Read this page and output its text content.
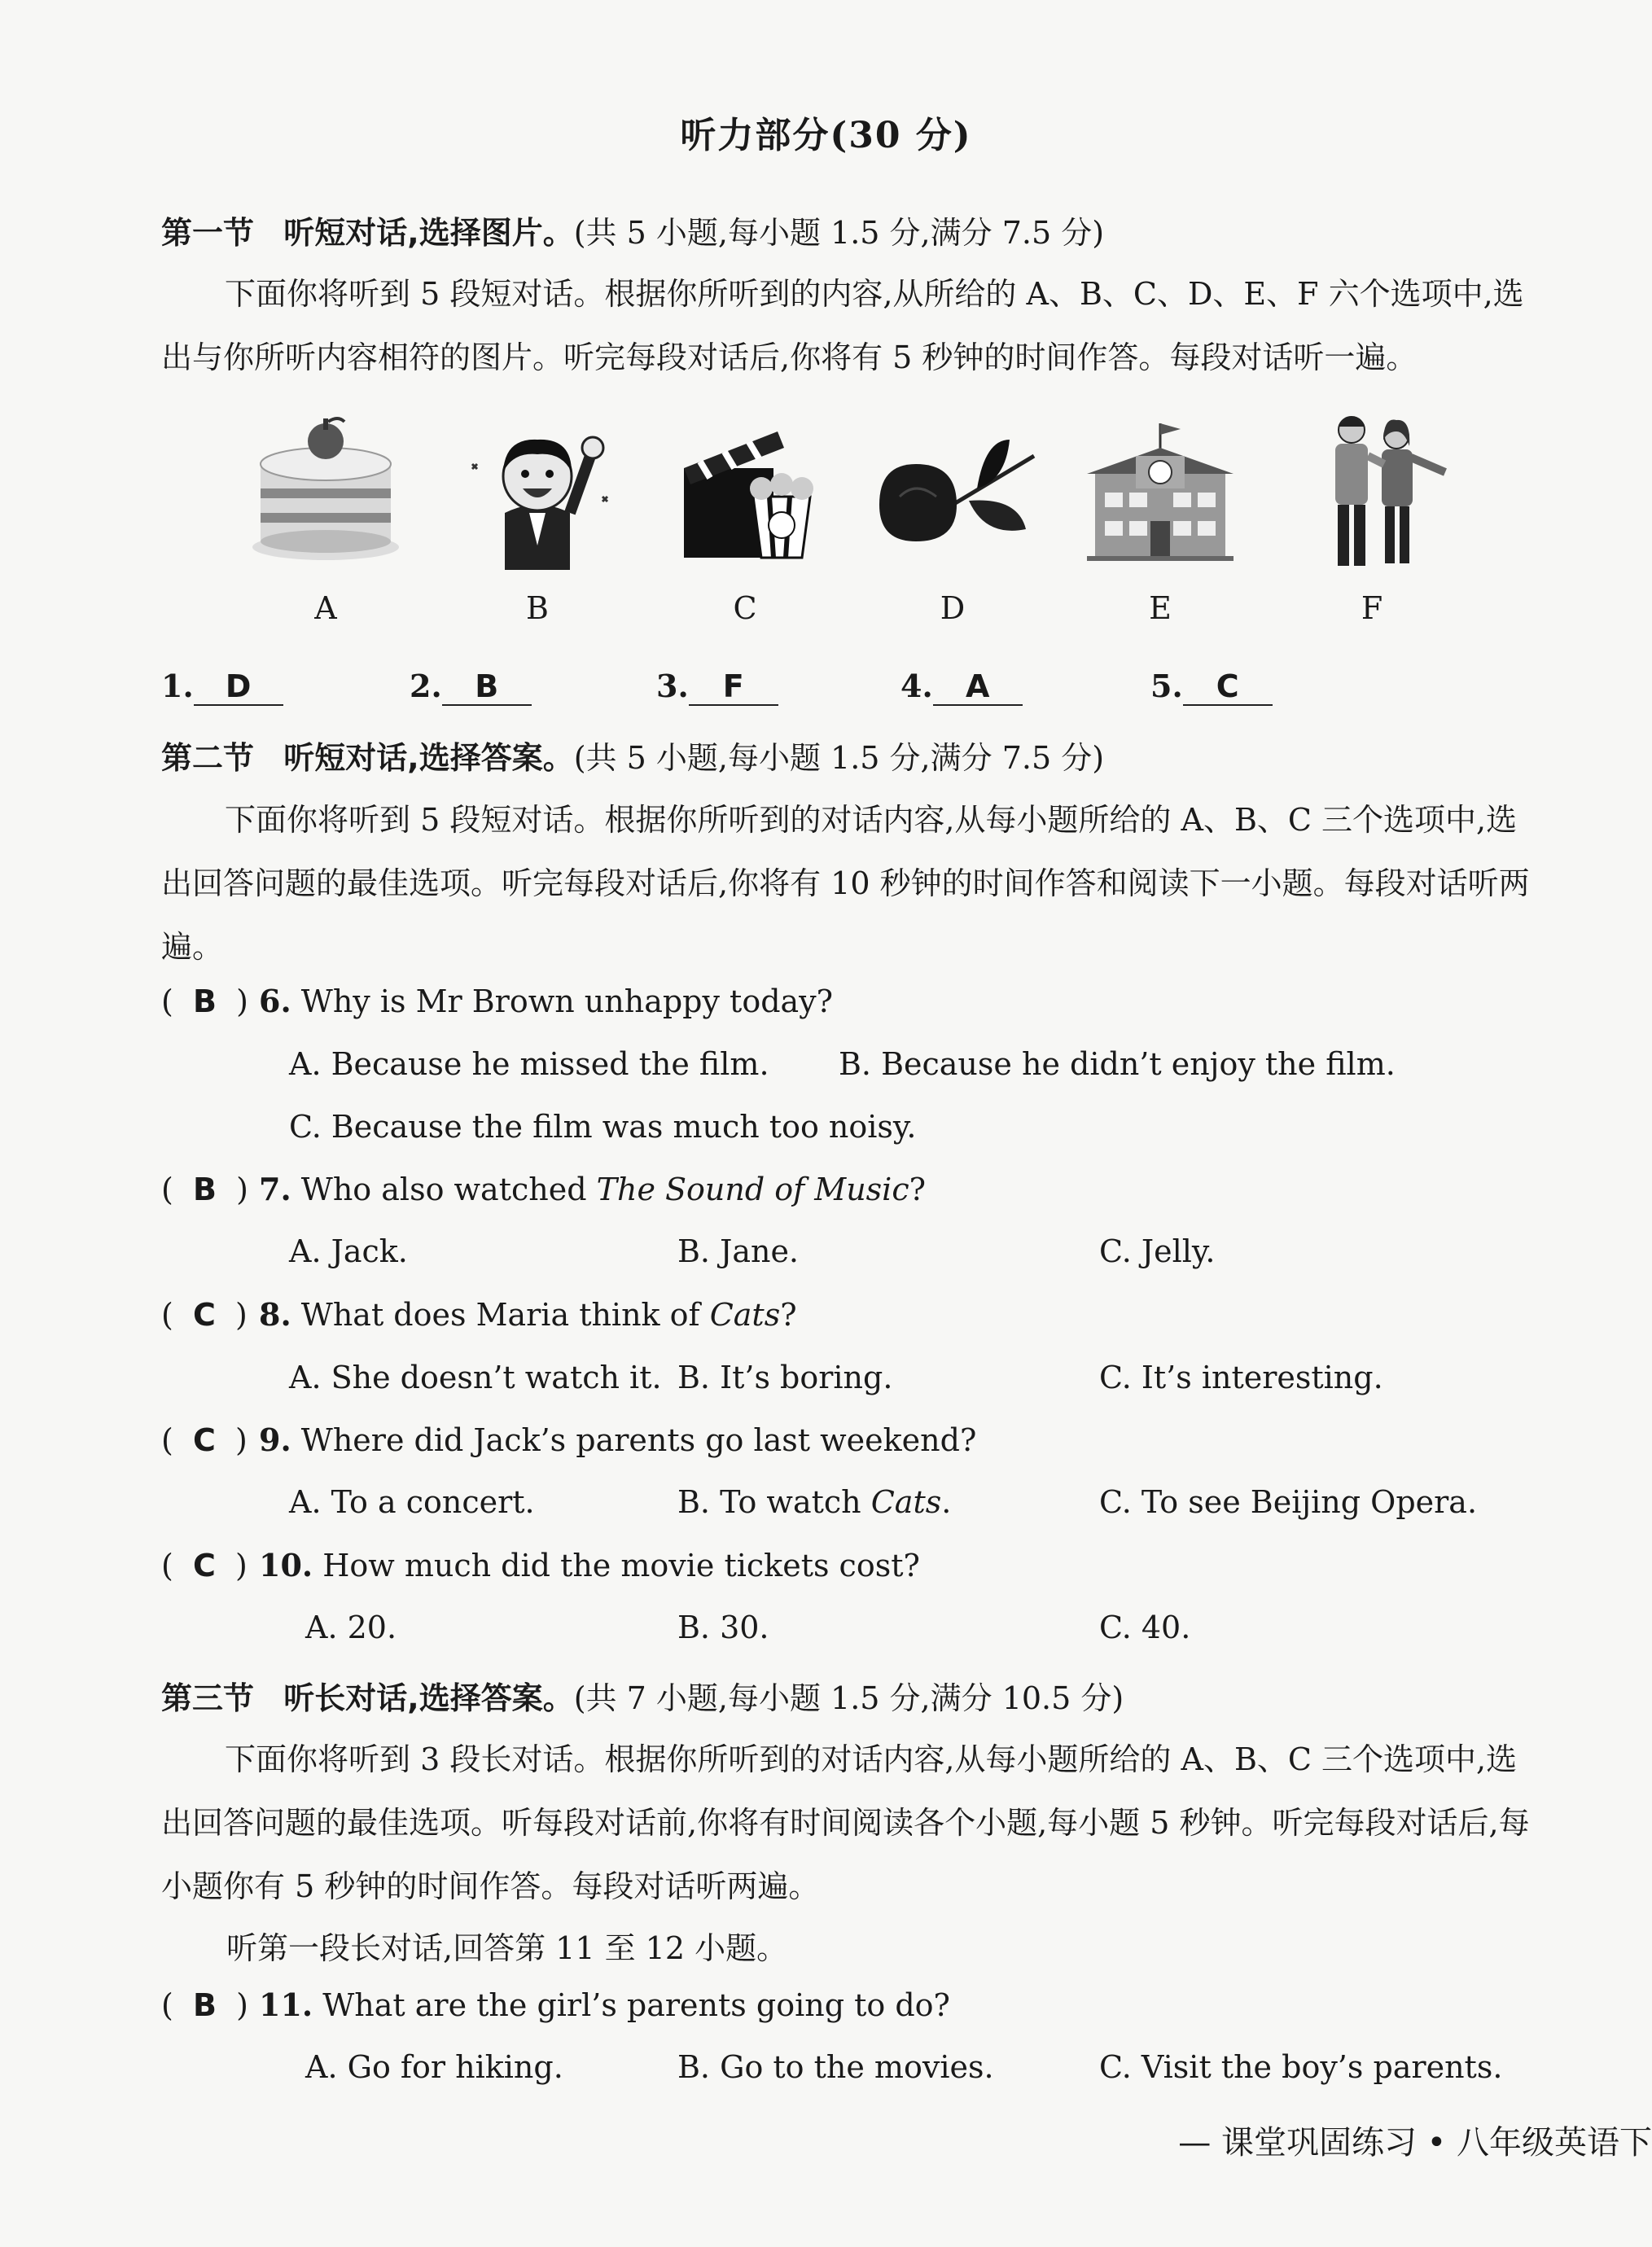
听力部分(30 分)
第一节 听短对话,选择图片。(共 5 小题,每小题 1.5 分,满分 7.5 分)
下面你将听到 5 段短对话。根据你所听到的内容,从所给的 A、B、C、D、E、F 六个选项中,选出与你所听内容相符的图片。听完每段对话后,你将有 5 秒钟的时间作答。每段对话听一遍。
A	B	C	D	E	F
1. D	2. B	3. F	4. A	5. C
第二节 听短对话,选择答案。(共 5 小题,每小题 1.5 分,满分 7.5 分)
下面你将听到 5 段短对话。根据你所听到的对话内容,从每小题所给的 A、B、C 三个选项中,选出回答问题的最佳选项。听完每段对话后,你将有 10 秒钟的时间作答和阅读下一小题。每段对话听两遍。
(  B  ) 6. Why is Mr Brown unhappy today?
A. Because he missed the film. B. Because he didn’t enjoy the film.
C. Because the film was much too noisy.
(  B  ) 7. Who also watched The Sound of Music?
A. Jack.	B. Jane.	C. Jelly.
(  C  ) 8. What does Maria think of Cats?
A. She doesn’t watch it. B. It’s boring.	C. It’s interesting.
(  C  ) 9. Where did Jack’s parents go last weekend?
A. To a concert.	B. To watch Cats.	C. To see Beijing Opera.
(  C  ) 10. How much did the movie tickets cost?
A. 20.	B. 30.	C. 40.
第三节 听长对话,选择答案。(共 7 小题,每小题 1.5 分,满分 10.5 分)
下面你将听到 3 段长对话。根据你所听到的对话内容,从每小题所给的 A、B、C 三个选项中,选出回答问题的最佳选项。听每段对话前,你将有时间阅读各个小题,每小题 5 秒钟。听完每段对话后,每小题你有 5 秒钟的时间作答。每段对话听两遍。
听第一段长对话,回答第 11 至 12 小题。
(  B  ) 11. What are the girl’s parents going to do?
A. Go for hiking.	B. Go to the movies.	C. Visit the boy’s parents.
— 课堂巩固练习 • 八年级英语下
